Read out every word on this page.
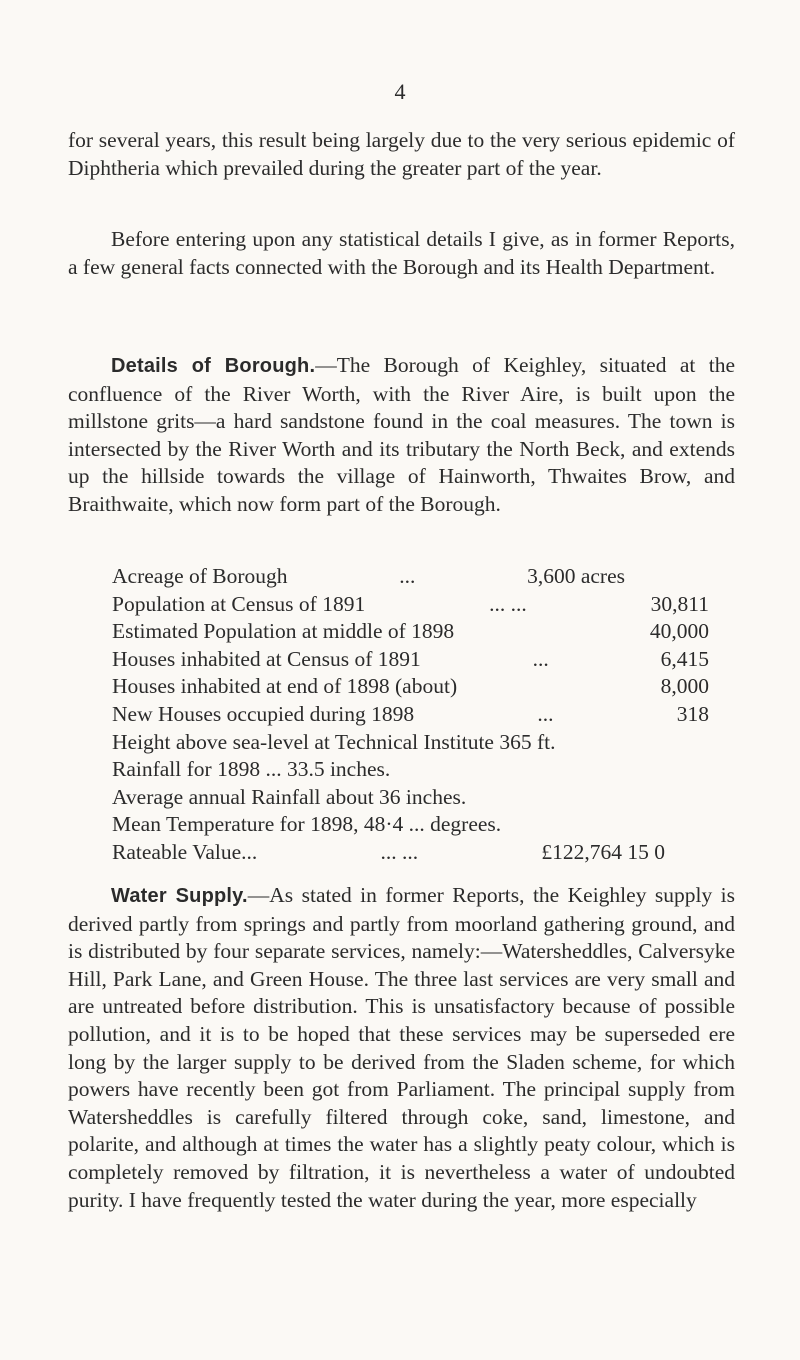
4

for several years, this result being largely due to the very serious epidemic of Diphtheria which prevailed during the greater part of the year.

Before entering upon any statistical details I give, as in former Reports, a few general facts connected with the Borough and its Health Department.

Details of Borough.—The Borough of Keighley, situated at the confluence of the River Worth, with the River Aire, is built upon the millstone grits—a hard sandstone found in the coal measures. The town is intersected by the River Worth and its tributary the North Beck, and extends up the hillside towards the village of Hainworth, Thwaites Brow, and Braithwaite, which now form part of the Borough.

Acreage of Borough	...	3,600 acres
Population at Census of 1891	... ...	30,811
Estimated Population at middle of 1898	40,000
Houses inhabited at Census of 1891	...	6,415
Houses inhabited at end of 1898 (about)	8,000
New Houses occupied during 1898	...	318
Height above sea-level at Technical Institute 365 ft.
Rainfall for 1898 ... 33.5 inches.
Average annual Rainfall about 36 inches.
Mean Temperature for 1898, 48·4 ... degrees.
Rateable Value...	... ...	£122,764 15 0

Water Supply.—As stated in former Reports, the Keighley supply is derived partly from springs and partly from moorland gathering ground, and is distributed by four separate services, namely:—Watersheddles, Calversyke Hill, Park Lane, and Green House. The three last services are very small and are untreated before distribution. This is unsatisfactory because of possible pollution, and it is to be hoped that these services may be superseded ere long by the larger supply to be derived from the Sladen scheme, for which powers have recently been got from Parliament. The principal supply from Watersheddles is carefully filtered through coke, sand, limestone, and polarite, and although at times the water has a slightly peaty colour, which is completely removed by filtration, it is nevertheless a water of undoubted purity. I have frequently tested the water during the year, more especially
